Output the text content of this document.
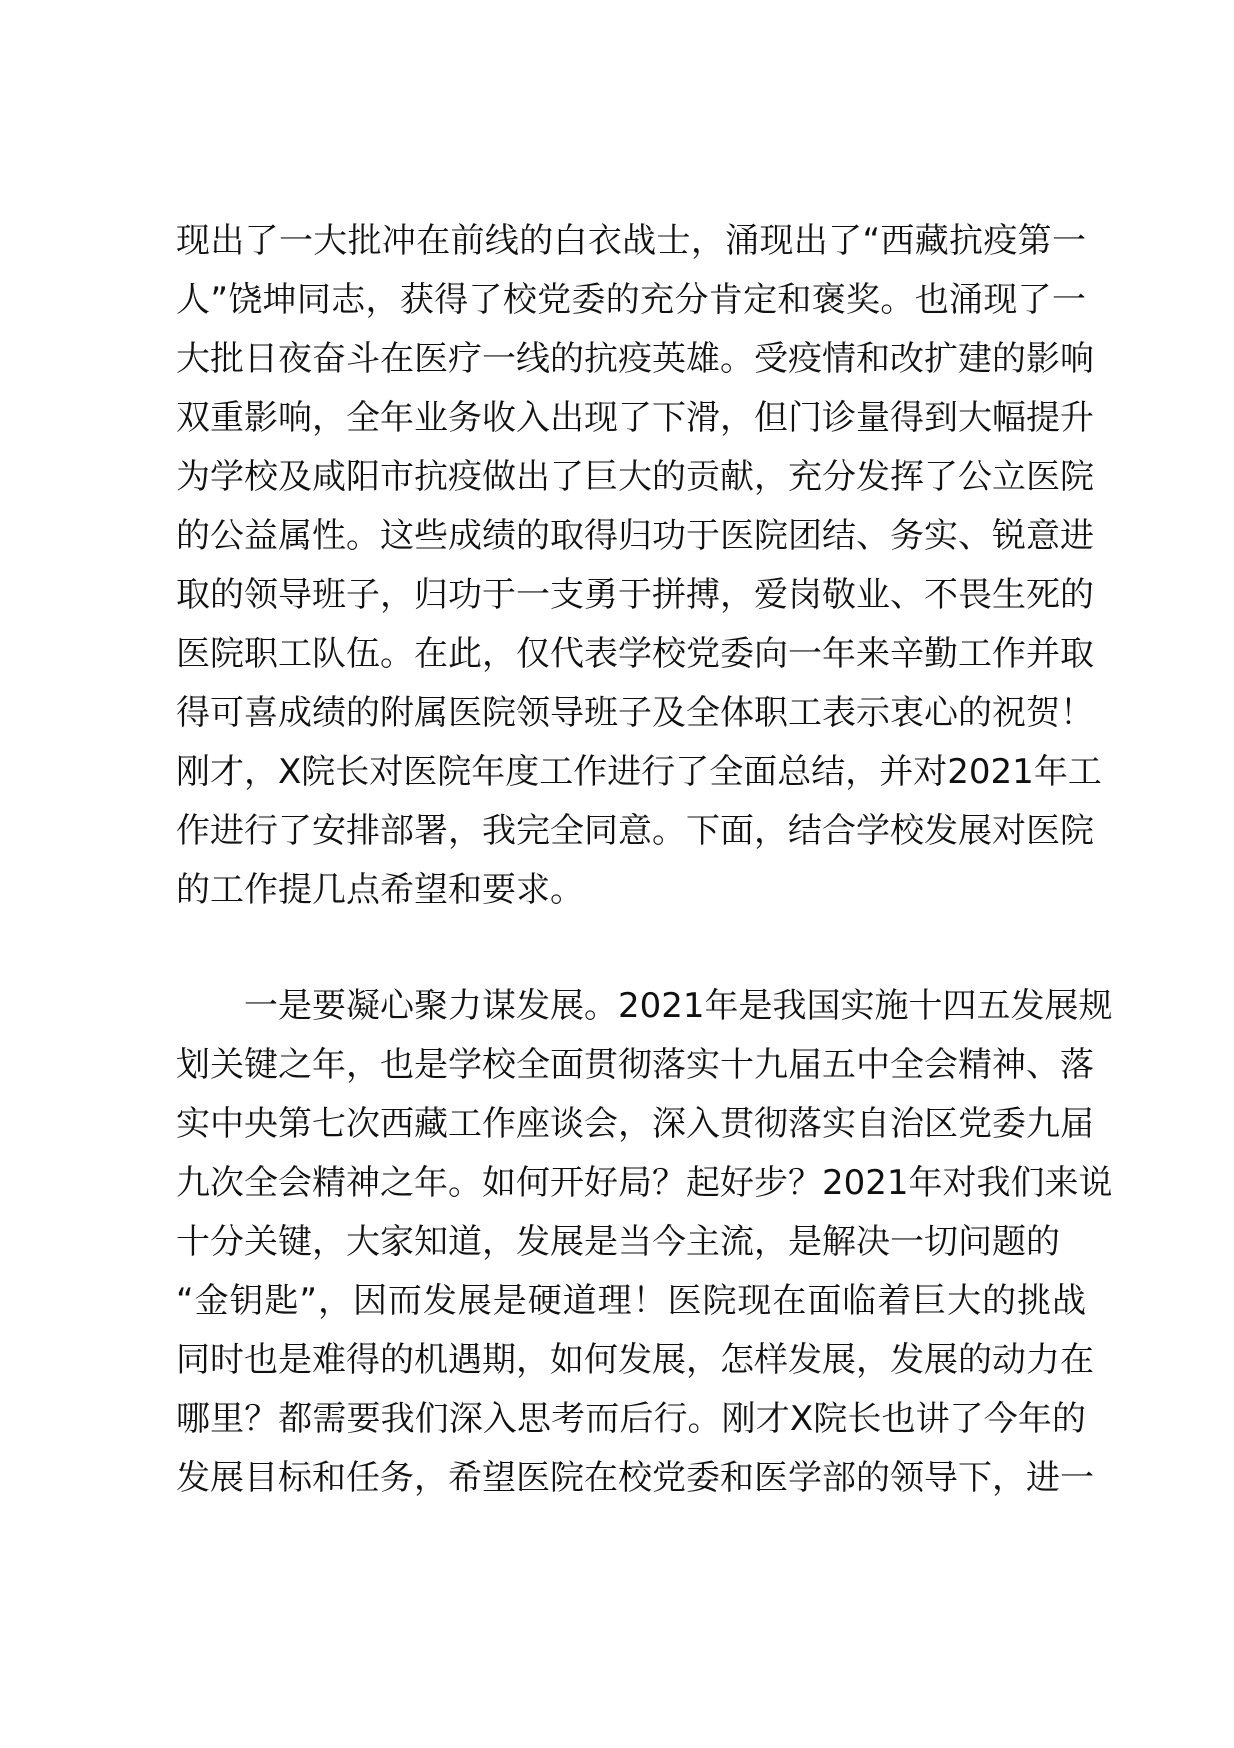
现出了一大批冲在前线的白衣战士，涌现出了“西藏抗疫第一
人”饶坤同志，获得了校党委的充分肯定和褒奖。也涌现了一
大批日夜奋斗在医疗一线的抗疫英雄。受疫情和改扩建的影响
双重影响，全年业务收入出现了下滑，但门诊量得到大幅提升
为学校及咸阳市抗疫做出了巨大的贡献，充分发挥了公立医院
的公益属性。这些成绩的取得归功于医院团结、务实、锐意进
取的领导班子，归功于一支勇于拼搏，爱岗敬业、不畏生死的
医院职工队伍。在此，仅代表学校党委向一年来辛勤工作并取
得可喜成绩的附属医院领导班子及全体职工表示衷心的祝贺！
刚才，X院长对医院年度工作进行了全面总结，并对2021年工
作进行了安排部署，我完全同意。下面，结合学校发展对医院
的工作提几点希望和要求。
一是要凝心聚力谋发展。2021年是我国实施十四五发展规
划关键之年，也是学校全面贯彻落实十九届五中全会精神、落
实中央第七次西藏工作座谈会，深入贯彻落实自治区党委九届
九次全会精神之年。如何开好局？起好步？2021年对我们来说
十分关键，大家知道，发展是当今主流，是解决一切问题的
“金钥匙”，因而发展是硬道理！医院现在面临着巨大的挑战
同时也是难得的机遇期，如何发展，怎样发展，发展的动力在
哪里？都需要我们深入思考而后行。刚才X院长也讲了今年的
发展目标和任务，希望医院在校党委和医学部的领导下，进一
